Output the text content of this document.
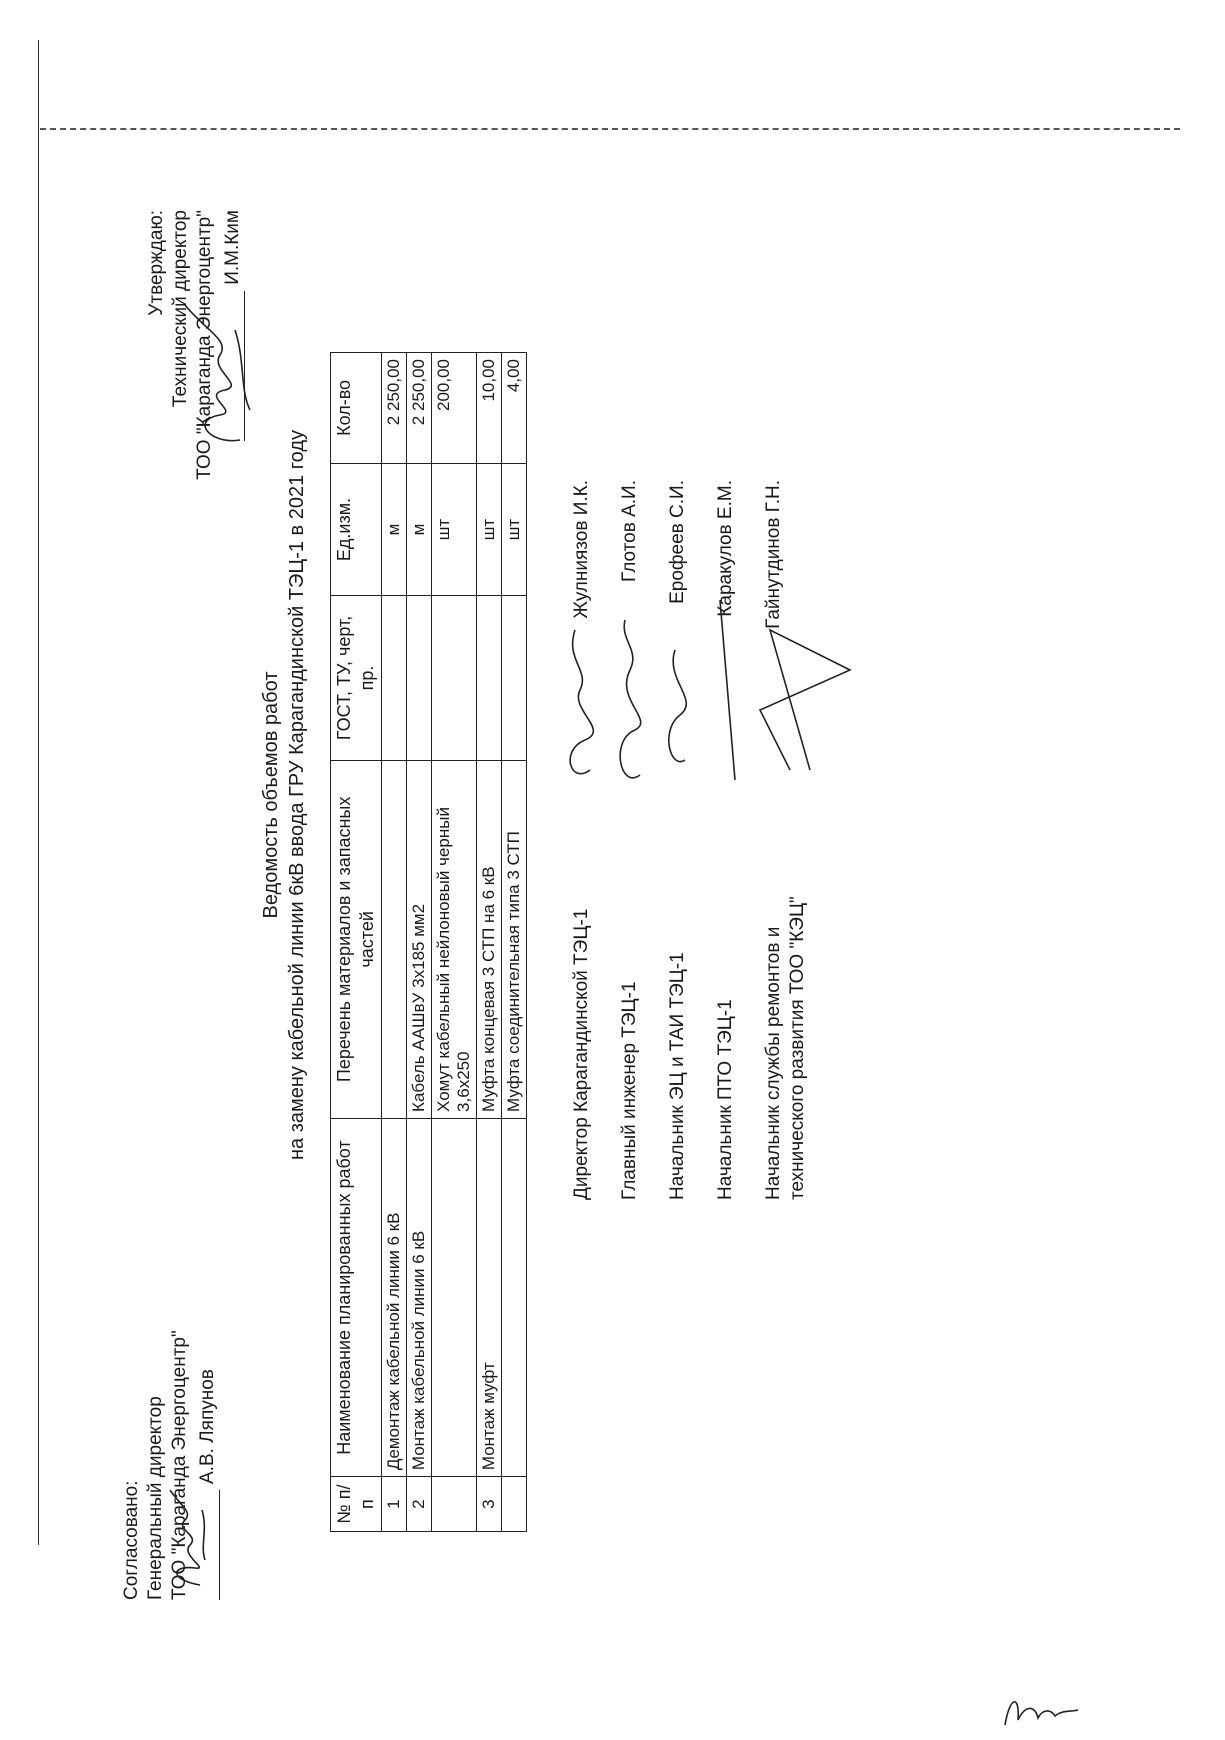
Согласовано: Генеральный директор ТОО "Караганда Энергоцентр" А.В. Ляпунов
Утверждаю: Технический директор ТОО "Караганда Энергоцентр" И.М.Ким
Ведомость объемов работ на замену кабельной линии 6кВ ввода ГРУ Карагандинской ТЭЦ-1 в 2021 году
№ п/п	Наименование планированных работ	Перечень материалов и запасных частей	ГОСТ, ТУ, черт, пр.	Ед.изм.	Кол-во
1	Демонтаж кабельной линии 6 кВ			м	2 250,00
2	Монтаж кабельной линии 6 кВ	Кабель ААШвУ 3х185 мм2		м	2 250,00
		Хомут кабельный нейлоновый черный 3,6х250		шт	200,00
3	Монтаж муфт	Муфта концевая 3 СТП на 6 кВ		шт	10,00
		Муфта соединительная типа 3 СТП		шт	4,00
Директор Карагандинской ТЭЦ-1
Жулниязов И.К.
Главный инженер ТЭЦ-1
Глотов А.И.
Начальник ЭЦ и ТАИ ТЭЦ-1
Ерофеев С.И.
Начальник ПТО ТЭЦ-1
Каракулов Е.М.
Начальник службы ремонтов и технического развития ТОО "КЭЦ"
Гайнутдинов Г.Н.
